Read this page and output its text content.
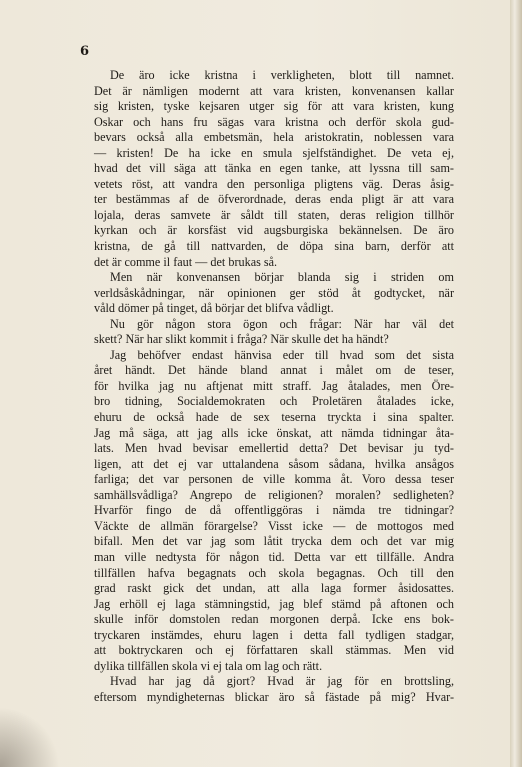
6
De äro icke kristna i verkligheten, blott till namnet.
Det är nämligen modernt att vara kristen, konvenansen kallar
sig kristen, tyske kejsaren utger sig för att vara kristen, kung
Oskar och hans fru sägas vara kristna och derför skola gud-
bevars också alla embetsmän, hela aristokratin, noblessen vara
— kristen! De ha icke en smula sjelfständighet. De veta ej,
hvad det vill säga att tänka en egen tanke, att lyssna till sam-
vetets röst, att vandra den personliga pligtens väg. Deras åsig-
ter bestämmas af de öfverordnade, deras enda pligt är att vara
lojala, deras samvete är såldt till staten, deras religion tillhör
kyrkan och är korsfäst vid augsburgiska bekännelsen. De äro
kristna, de gå till nattvarden, de döpa sina barn, derför att
det är comme il faut — det brukas så.
Men när konvenansen börjar blanda sig i striden om
verldsåskådningar, när opinionen ger stöd åt godtycket, när
våld dömer på tinget, då börjar det blifva vådligt.
Nu gör någon stora ögon och frågar: När har väl det
skett? När har slikt kommit i fråga? När skulle det ha händt?
Jag behöfver endast hänvisa eder till hvad som det sista
året händt. Det hände bland annat i målet om de teser,
för hvilka jag nu aftjenat mitt straff. Jag åtalades, men Öre-
bro tidning, Socialdemokraten och Proletären åtalades icke,
ehuru de också hade de sex teserna tryckta i sina spalter.
Jag må säga, att jag alls icke önskat, att nämda tidningar åta-
lats. Men hvad bevisar emellertid detta? Det bevisar ju tyd-
ligen, att det ej var uttalandena såsom sådana, hvilka ansågos
farliga; det var personen de ville komma åt. Voro dessa teser
samhällsvådliga? Angrepo de religionen? moralen? sedligheten?
Hvarför fingo de då offentliggöras i nämda tre tidningar?
Väckte de allmän förargelse? Visst icke — de mottogos med
bifall. Men det var jag som låtit trycka dem och det var mig
man ville nedtysta för någon tid. Detta var ett tillfälle. Andra
tillfällen hafva begagnats och skola begagnas. Och till den
grad raskt gick det undan, att alla laga former åsidosattes.
Jag erhöll ej laga stämningstid, jag blef stämd på aftonen och
skulle inför domstolen redan morgonen derpå. Icke ens bok-
tryckaren instämdes, ehuru lagen i detta fall tydligen stadgar,
att boktryckaren och ej författaren skall stämmas. Men vid
dylika tillfällen skola vi ej tala om lag och rätt.
Hvad har jag då gjort? Hvad är jag för en brottsling,
eftersom myndigheternas blickar äro så fästade på mig? Hvar-
